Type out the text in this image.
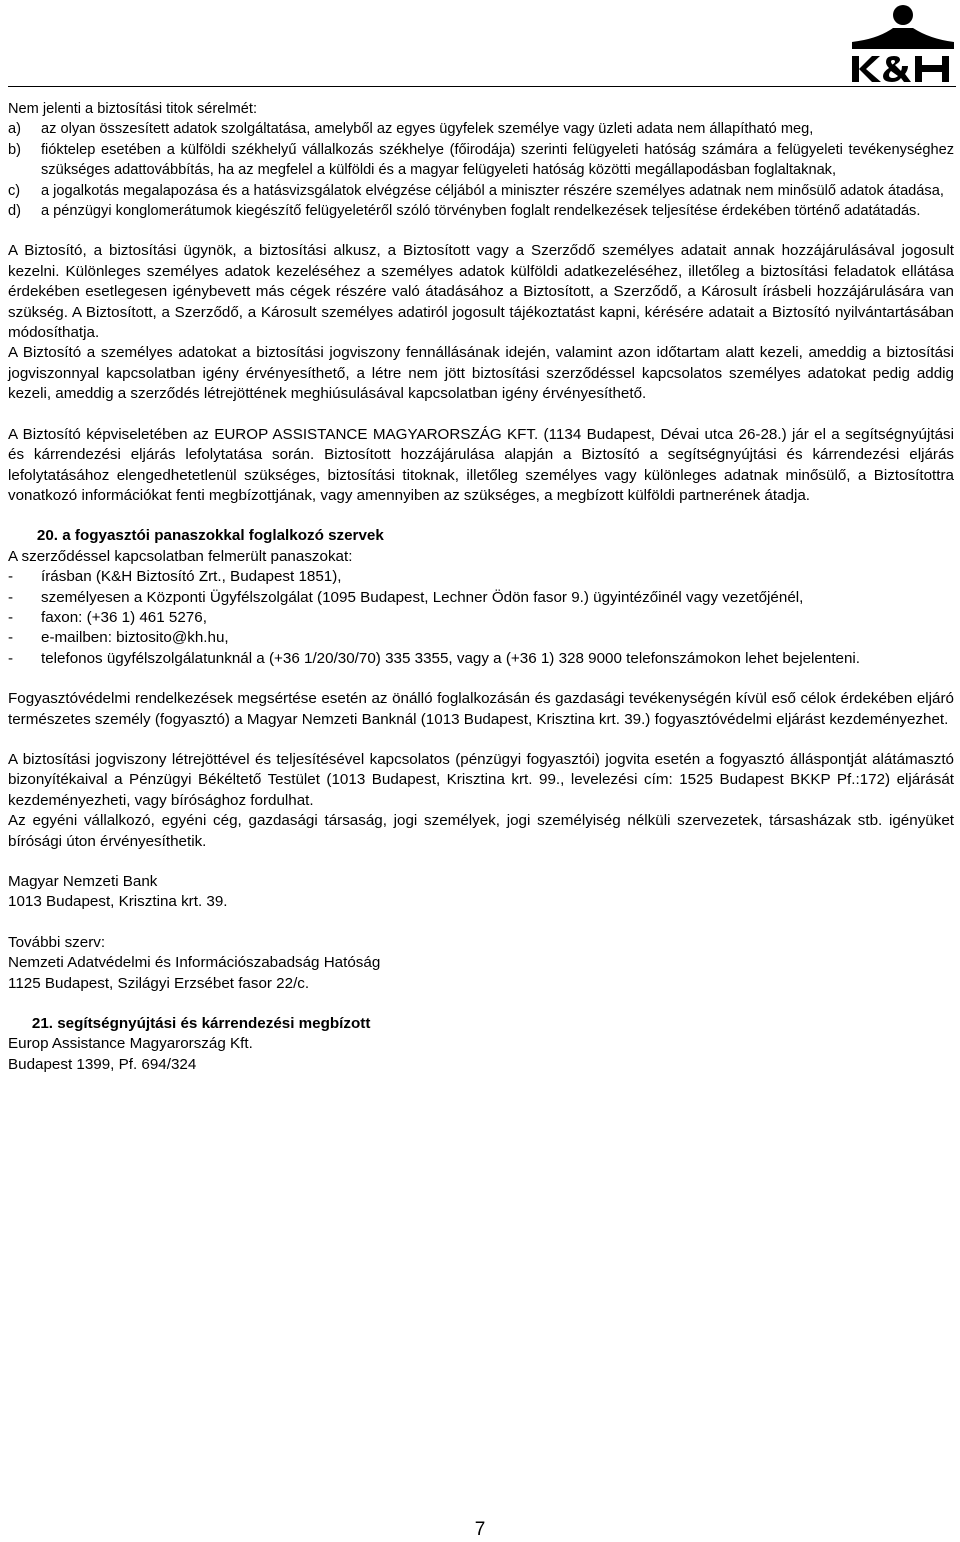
Nem jelenti a biztosítási titok sérelmét:

a)	az olyan összesített adatok szolgáltatása, amelyből az egyes ügyfelek személye vagy üzleti adata nem állapítható meg,
b)	fióktelep esetében a külföldi székhelyű vállalkozás székhelye (főirodája) szerinti felügyeleti hatóság számára a felügyeleti tevékenységhez szükséges adattovábbítás, ha az megfelel a külföldi és a magyar felügyeleti hatóság közötti megállapodásban foglaltaknak,
c)	a jogalkotás megalapozása és a hatásvizsgálatok elvégzése céljából a miniszter részére személyes adatnak nem minősülő adatok átadása,
d)	a pénzügyi konglomerátumok kiegészítő felügyeletéről szóló törvényben foglalt rendelkezések teljesítése érdekében történő adatátadás.

A Biztosító, a biztosítási ügynök, a biztosítási alkusz, a Biztosított vagy a Szerződő személyes adatait annak hozzájárulásával jogosult kezelni. Különleges személyes adatok kezeléséhez a személyes adatok külföldi adatkezeléséhez, illetőleg a biztosítási feladatok ellátása érdekében esetlegesen igénybevett más cégek részére való átadásához a Biztosított, a Szerződő, a Károsult írásbeli hozzájárulására van szükség. A Biztosított, a Szerződő, a Károsult személyes adatiról jogosult tájékoztatást kapni, kérésére adatait a Biztosító nyilvántartásában módosíthatja.

A Biztosító a személyes adatokat a biztosítási jogviszony fennállásának idején, valamint azon időtartam alatt kezeli, ameddig a biztosítási jogviszonnyal kapcsolatban igény érvényesíthető, a létre nem jött biztosítási szerződéssel kapcsolatos személyes adatokat pedig addig kezeli, ameddig a szerződés létrejöttének meghiúsulásával kapcsolatban igény érvényesíthető.

A Biztosító képviseletében az EUROP ASSISTANCE MAGYARORSZÁG KFT. (1134 Budapest, Dévai utca 26-28.) jár el a segítségnyújtási és kárrendezési eljárás lefolytatása során. Biztosított hozzájárulása alapján a Biztosító a segítségnyújtási és kárrendezési eljárás lefolytatásához elengedhetetlenül szükséges, biztosítási titoknak, illetőleg személyes vagy különleges adatnak minősülő, a Biztosítottra vonatkozó információkat fenti megbízottjának, vagy amennyiben az szükséges, a megbízott külföldi partnerének átadja.

20. a fogyasztói panaszokkal foglalkozó szervek

A szerződéssel kapcsolatban felmerült panaszokat:

-	írásban (K&H Biztosító Zrt., Budapest 1851),
-	személyesen a Központi Ügyfélszolgálat (1095 Budapest, Lechner Ödön fasor 9.) ügyintézőinél vagy vezetőjénél,
-	faxon: (+36 1) 461 5276,
-	e-mailben: biztosito@kh.hu,
-	telefonos ügyfélszolgálatunknál a (+36 1/20/30/70) 335 3355, vagy a (+36 1) 328 9000 telefonszámokon lehet bejelenteni.

Fogyasztóvédelmi rendelkezések megsértése esetén az önálló foglalkozásán és gazdasági tevékenységén kívül eső célok érdekében eljáró természetes személy (fogyasztó) a Magyar Nemzeti Banknál (1013 Budapest, Krisztina krt. 39.) fogyasztóvédelmi eljárást kezdeményezhet.

A biztosítási jogviszony létrejöttével és teljesítésével kapcsolatos (pénzügyi fogyasztói) jogvita esetén a fogyasztó álláspontját alátámasztó bizonyítékaival a Pénzügyi Békéltető Testület (1013 Budapest, Krisztina krt. 99., levelezési cím: 1525 Budapest BKKP Pf.:172) eljárását kezdeményezheti, vagy bírósághoz fordulhat.

Az egyéni vállalkozó, egyéni cég, gazdasági társaság, jogi személyek, jogi személyiség nélküli szervezetek, társasházak stb. igényüket bírósági úton érvényesíthetik.

Magyar Nemzeti Bank

1013 Budapest, Krisztina krt. 39.

További szerv:

Nemzeti Adatvédelmi és Információszabadság Hatóság

1125 Budapest, Szilágyi Erzsébet fasor 22/c.

21. segítségnyújtási és kárrendezési megbízott

Europ Assistance Magyarország Kft.

Budapest 1399, Pf. 694/324

7
